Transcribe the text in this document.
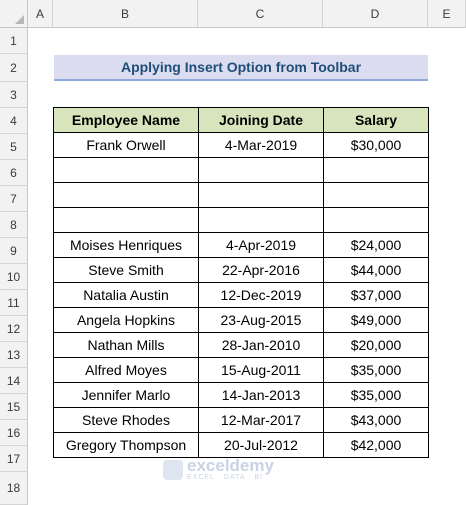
A	B	C	D	E
1
2
3
4
5
6
7
8
9
10
11
12
13
14
15
16
17
18
Applying Insert Option from Toolbar
Employee Name	Joining Date	Salary
Frank Orwell	4-Mar-2019	$30,000

Moises Henriques	4-Apr-2019	$24,000
Steve Smith	22-Apr-2016	$44,000
Natalia Austin	12-Dec-2019	$37,000
Angela Hopkins	23-Aug-2015	$49,000
Nathan Mills	28-Jan-2010	$20,000
Alfred Moyes	15-Aug-2011	$35,000
Jennifer Marlo	14-Jan-2013	$35,000
Steve Rhodes	12-Mar-2017	$43,000
Gregory Thompson	20-Jul-2012	$42,000
exceldemy
EXCEL · DATA · BI
